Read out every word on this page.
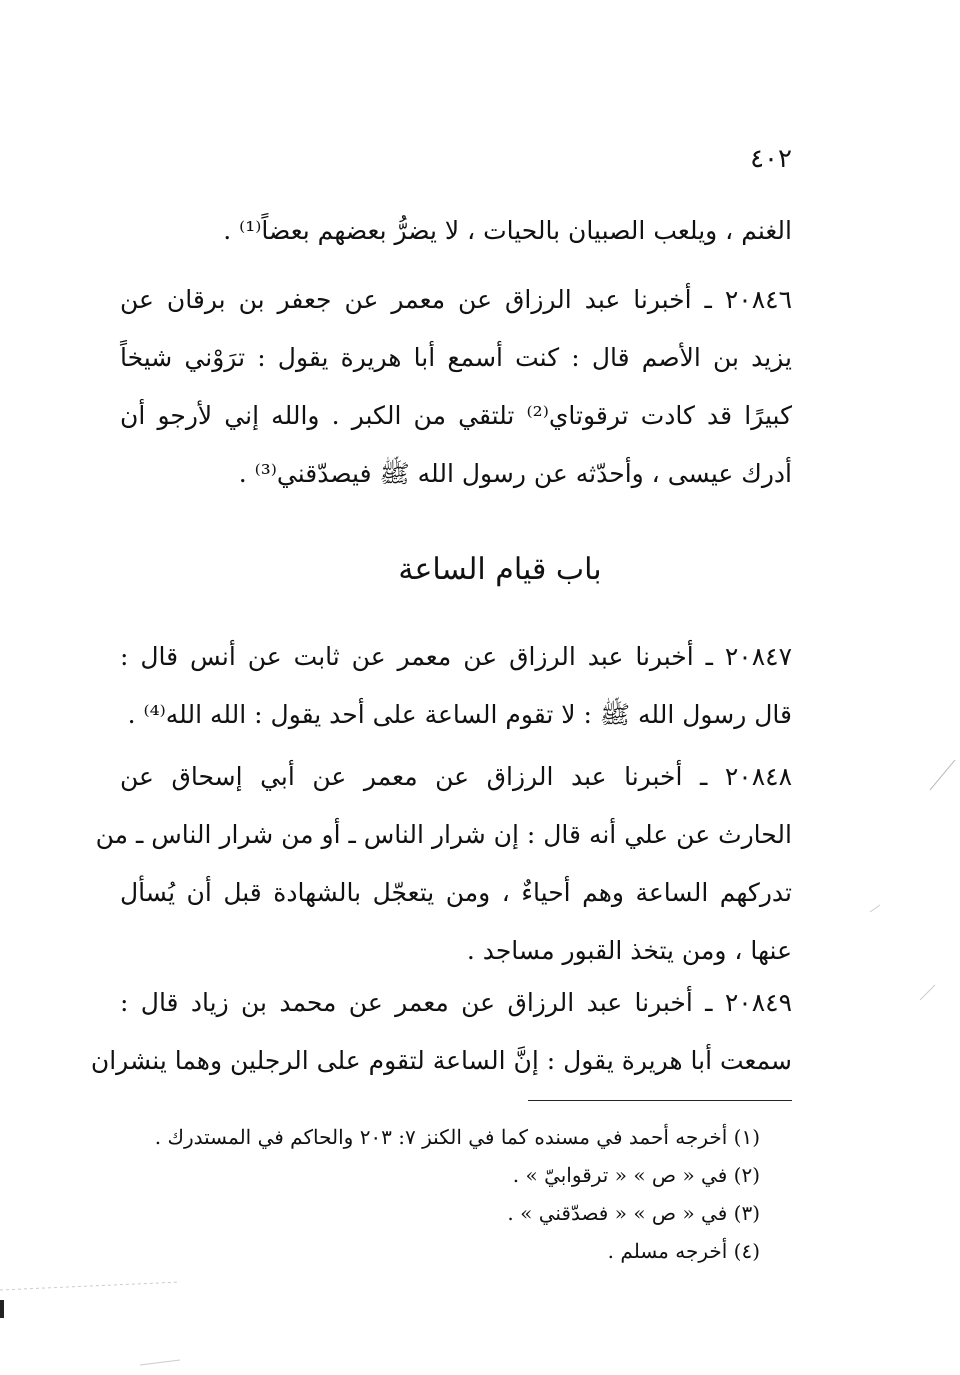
٤٠٢
الغنم ، ويلعب الصبيان بالحيات ، لا يضرُّ بعضهم بعضاً⁽¹⁾ .
٢٠٨٤٦ ـ أخبرنا عبد الرزاق عن معمر عن جعفر بن برقان عن
يزيد بن الأصم قال : كنت أسمع أبا هريرة يقول : ترَوْني شيخاً
كبيرًا قد كادت ترقوتاي⁽²⁾ تلتقي من الكبر . والله إني لأرجو أن
أدرك عيسى ، وأحدّثه عن رسول الله ﷺ فيصدّقني⁽³⁾ .
باب قيام الساعة
٢٠٨٤٧ ـ أخبرنا عبد الرزاق عن معمر عن ثابت عن أنس قال :
قال رسول الله ﷺ : لا تقوم الساعة على أحد يقول : الله الله⁽⁴⁾ .
٢٠٨٤٨ ـ أخبرنا عبد الرزاق عن معمر عن أبي إسحاق عن
الحارث عن علي أنه قال : إن شرار الناس ـ أو من شرار الناس ـ من
تدركهم الساعة وهم أحياءٌ ، ومن يتعجّل بالشهادة قبل أن يُسأل
عنها ، ومن يتخذ القبور مساجد .
٢٠٨٤٩ ـ أخبرنا عبد الرزاق عن معمر عن محمد بن زياد قال :
سمعت أبا هريرة يقول : إنَّ الساعة لتقوم على الرجلين وهما ينشران
(١) أخرجه أحمد في مسنده كما في الكنز ٧: ٢٠٣ والحاكم في المستدرك .
(٢) في « ص » « ترقوابيّ » .
(٣) في « ص » « فصدّقني » .
(٤) أخرجه مسلم .
